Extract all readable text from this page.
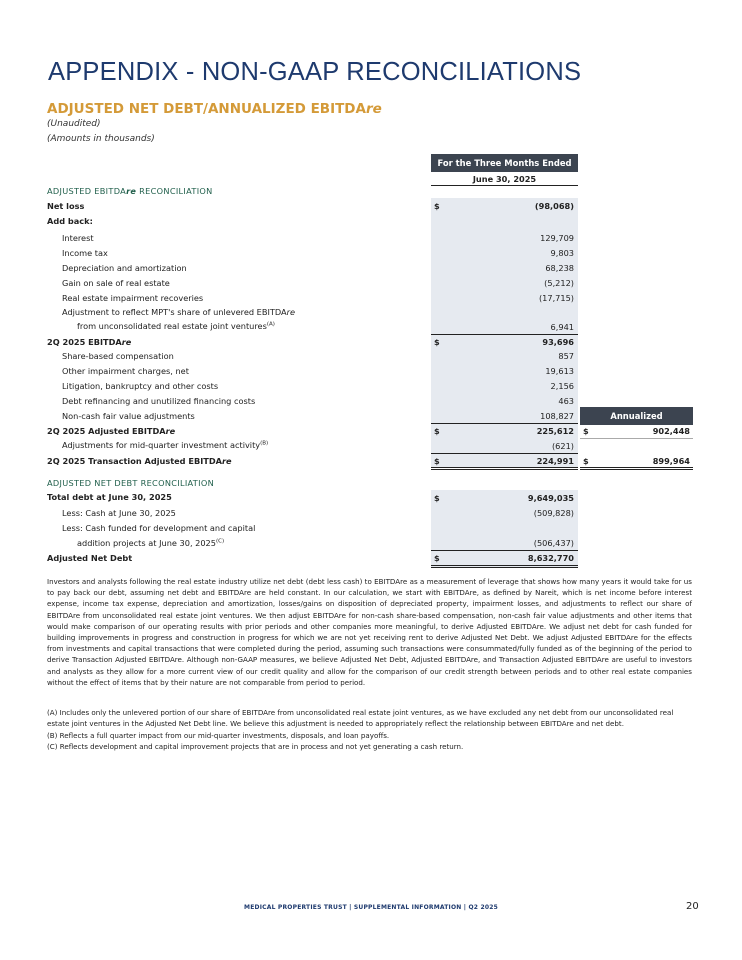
APPENDIX - NON-GAAP RECONCILIATIONS
ADJUSTED NET DEBT/ANNUALIZED EBITDAre
(Unaudited)
(Amounts in thousands)
For the Three Months Ended
June 30, 2025
Annualized
ADJUSTED EBITDAre RECONCILIATION
Net loss	$	(98,068)
Add back:
Interest	129,709
Income tax	9,803
Depreciation and amortization	68,238
Gain on sale of real estate	(5,212)
Real estate impairment recoveries	(17,715)
Adjustment to reflect MPT's share of unlevered EBITDAre
from unconsolidated real estate joint ventures$^{(A)}$	6,941
2Q 2025 EBITDAre	$	93,696
Share-based compensation	857
Other impairment charges, net	19,613
Litigation, bankruptcy and other costs	2,156
Debt refinancing and unutilized financing costs	463
Non-cash fair value adjustments	108,827
2Q 2025 Adjusted EBITDAre	$	225,612 $	902,448
Adjustments for mid-quarter investment activity$^{(B)}$	(621)
2Q 2025 Transaction Adjusted EBITDAre	$	224,991 $	899,964
ADJUSTED NET DEBT RECONCILIATION
Total debt at June 30, 2025	$	9,649,035
Less: Cash at June 30, 2025	(509,828)
Less: Cash funded for development and capital
addition projects at June 30, $2025^{(C)}$	(506,437)
Adjusted Net Debt	$	8,632,770
Investors and analysts following the real estate industry utilize net debt (debt less cash) to EBITDAre as a measurement of leverage that shows how many years it would take for us to pay back our debt, assuming net debt and EBITDAre are held constant. In our calculation, we start with EBITDAre, as defined by Nareit, which is net income before interest expense, income tax expense, depreciation and amortization, losses/gains on disposition of depreciated property, impairment losses, and adjustments to reflect our share of EBITDAre from unconsolidated real estate joint ventures. We then adjust EBITDAre for non-cash share-based compensation, non-cash fair value adjustments and other items that would make comparison of our operating results with prior periods and other companies more meaningful, to derive Adjusted EBITDAre. We adjust net debt for cash funded for building improvements in progress and construction in progress for which we are not yet receiving rent to derive Adjusted Net Debt. We adjust Adjusted EBITDAre for the effects from investments and capital transactions that were completed during the period, assuming such transactions were consummated/fully funded as of the beginning of the period to derive Transaction Adjusted EBITDAre. Although non-GAAP measures, we believe Adjusted Net Debt, Adjusted EBITDAre, and Transaction Adjusted EBITDAre are useful to investors and analysts as they allow for a more current view of our credit quality and allow for the comparison of our credit strength between periods and to other real estate companies without the effect of items that by their nature are not comparable from period to period.
(A) Includes only the unlevered portion of our share of EBITDAre from unconsolidated real estate joint ventures, as we have excluded any net debt from our unconsolidated real estate joint ventures in the Adjusted Net Debt line. We believe this adjustment is needed to appropriately reflect the relationship between EBITDAre and net debt.
(B) Reflects a full quarter impact from our mid-quarter investments, disposals, and loan payoffs.
(C) Reflects development and capital improvement projects that are in process and not yet generating a cash return.
MEDICAL PROPERTIES TRUST | SUPPLEMENTAL INFORMATION | Q2 2025	20
